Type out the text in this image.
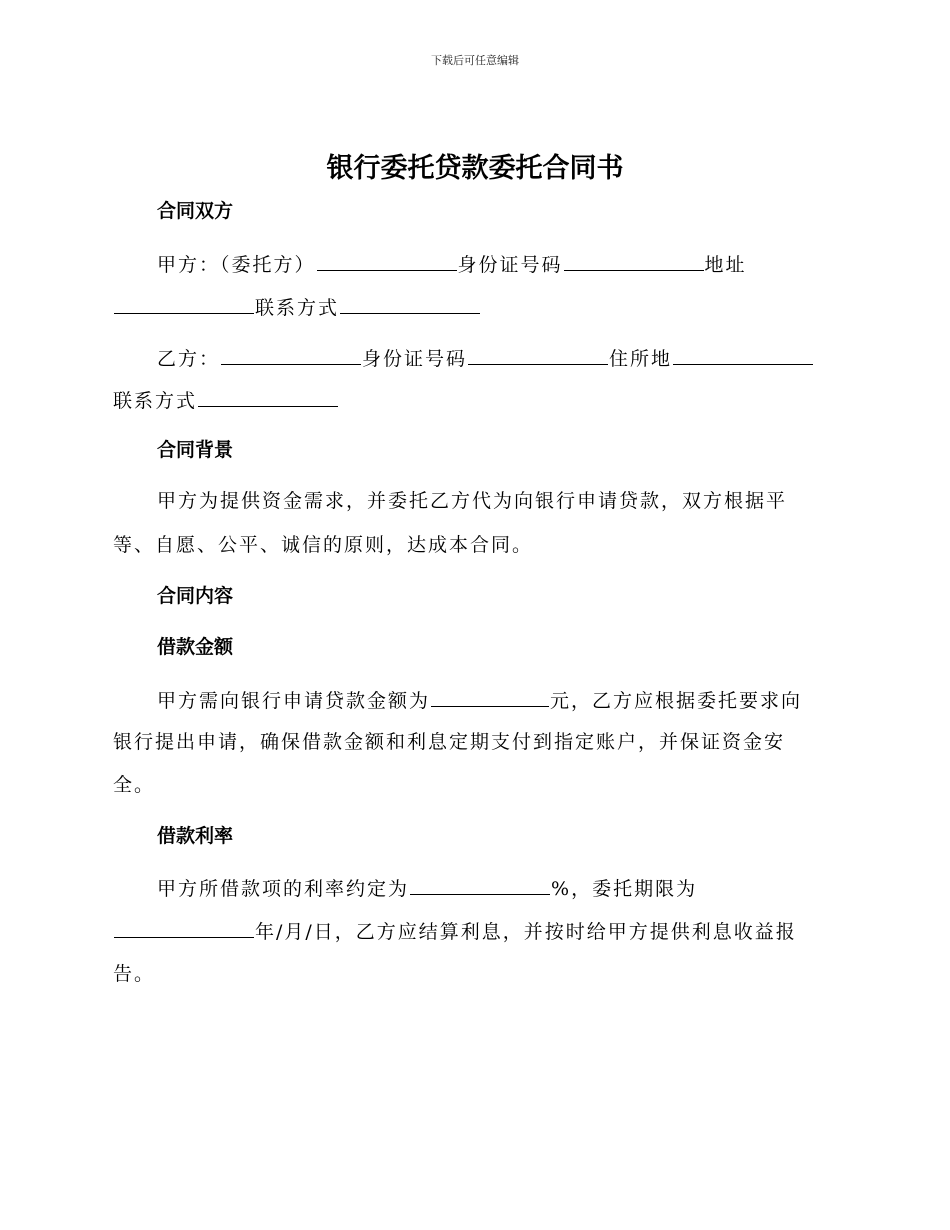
下载后可任意编辑
银行委托贷款委托合同书
合同双方
甲方：（委托方）	身份证号码	地址
联系方式
乙方：	身份证号码	住所地
联系方式
合同背景
甲方为提供资金需求，并委托乙方代为向银行申请贷款，双方根据平
等、自愿、公平、诚信的原则，达成本合同。
合同内容
借款金额
甲方需向银行申请贷款金额为	元，乙方应根据委托要求向
银行提出申请，确保借款金额和利息定期支付到指定账户，并保证资金安
全。
借款利率
甲方所借款项的利率约定为	%，委托期限为
年/月/日，乙方应结算利息，并按时给甲方提供利息收益报
告。
